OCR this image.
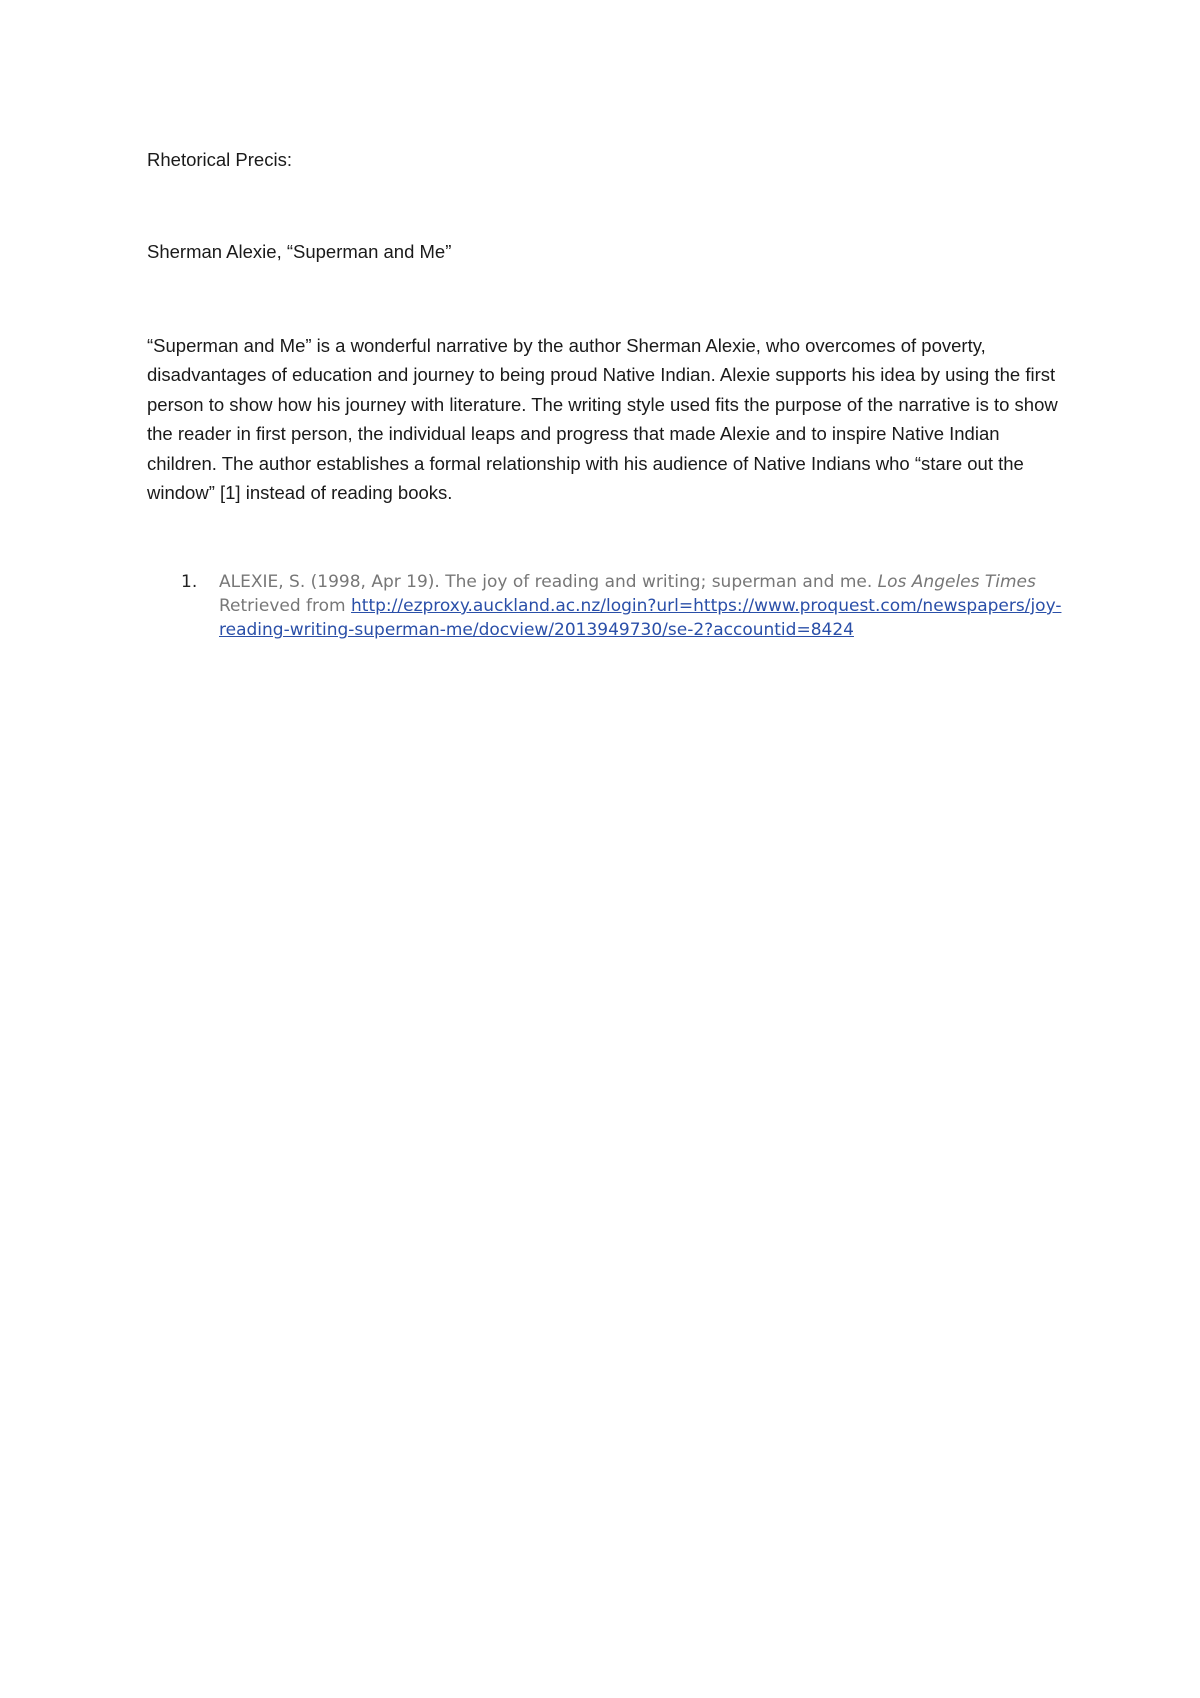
Rhetorical Precis:

Sherman Alexie, “Superman and Me”

“Superman and Me” is a wonderful narrative by the author Sherman Alexie, who overcomes of poverty, disadvantages of education and journey to being proud Native Indian. Alexie supports his idea by using the first person to show how his journey with literature. The writing style used fits the purpose of the narrative is to show the reader in first person, the individual leaps and progress that made Alexie and to inspire Native Indian children. The author establishes a formal relationship with his audience of Native Indians who “stare out the window” [1] instead of reading books.

1. ALEXIE, S. (1998, Apr 19). The joy of reading and writing; superman and me. Los Angeles Times Retrieved from http://ezproxy.auckland.ac.nz/login?url=https://www.proquest.com/newspapers/joy-reading-writing-superman-me/docview/2013949730/se-2?accountid=8424
